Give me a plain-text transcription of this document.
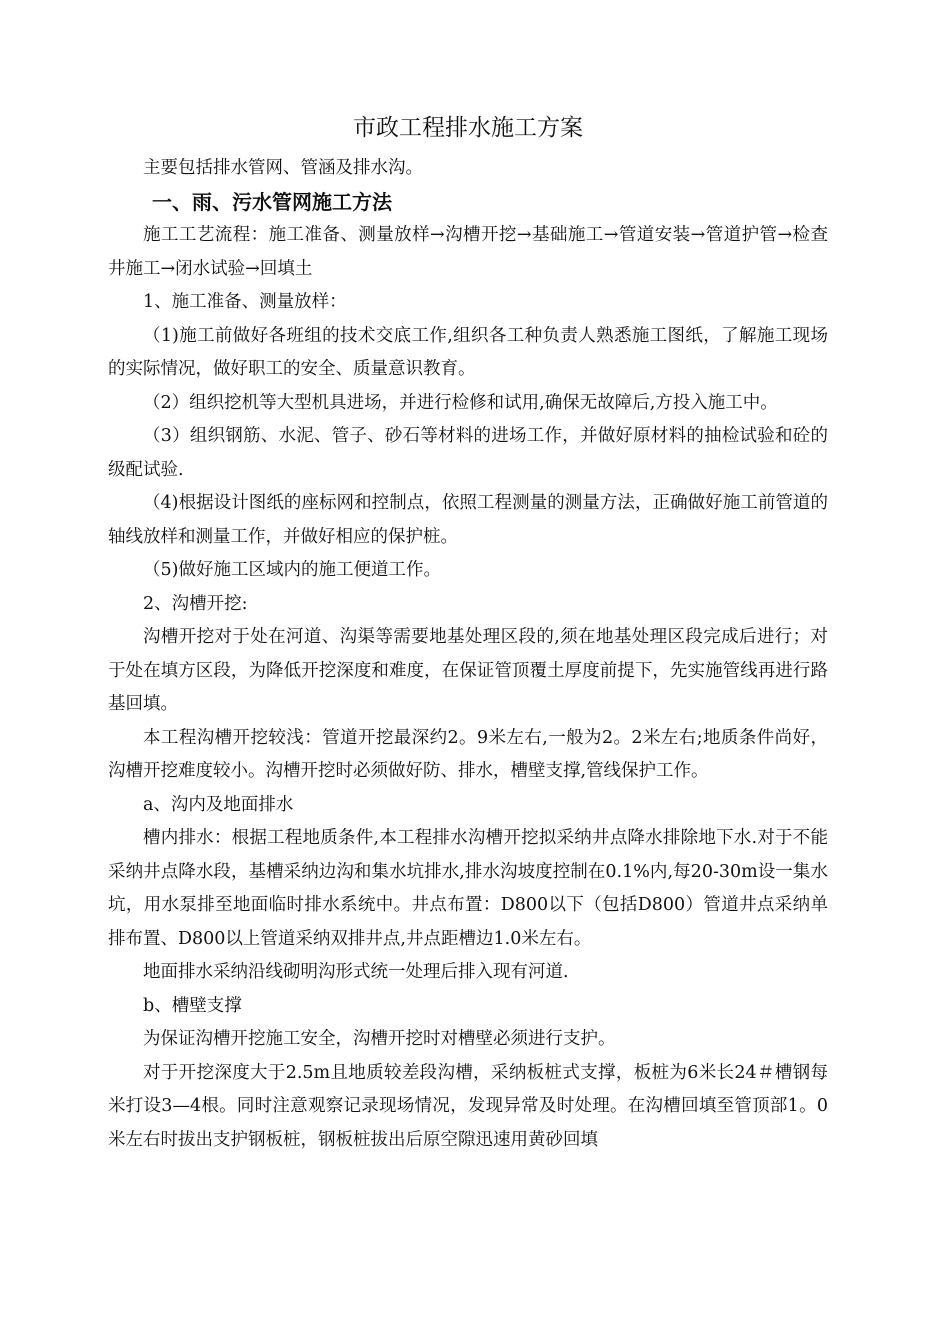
市政工程排水施工方案

主要包括排水管网、管涵及排水沟。

一、雨、污水管网施工方法

施工工艺流程：施工准备、测量放样→沟槽开挖→基础施工→管道安装→管道护管→检查井施工→闭水试验→回填土

1、施工准备、测量放样：

（1)施工前做好各班组的技术交底工作,组织各工种负责人熟悉施工图纸，了解施工现场的实际情况，做好职工的安全、质量意识教育。

（2）组织挖机等大型机具进场，并进行检修和试用,确保无故障后,方投入施工中。

（3）组织钢筋、水泥、管子、砂石等材料的进场工作，并做好原材料的抽检试验和砼的级配试验.

（4)根据设计图纸的座标网和控制点，依照工程测量的测量方法，正确做好施工前管道的轴线放样和测量工作，并做好相应的保护桩。

（5)做好施工区域内的施工便道工作。

2、沟槽开挖:

沟槽开挖对于处在河道、沟渠等需要地基处理区段的,须在地基处理区段完成后进行；对于处在填方区段，为降低开挖深度和难度，在保证管顶覆土厚度前提下，先实施管线再进行路基回填。

本工程沟槽开挖较浅：管道开挖最深约2。9米左右,一般为2。2米左右;地质条件尚好，沟槽开挖难度较小。沟槽开挖时必须做好防、排水，槽壁支撑,管线保护工作。

a、沟内及地面排水

槽内排水：根据工程地质条件,本工程排水沟槽开挖拟采纳井点降水排除地下水.对于不能采纳井点降水段，基槽采纳边沟和集水坑排水,排水沟坡度控制在0.1%内,每20-30m设一集水坑，用水泵排至地面临时排水系统中。井点布置：D800以下（包括D800）管道井点采纳单排布置、D800以上管道采纳双排井点,井点距槽边1.0米左右。

地面排水采纳沿线砌明沟形式统一处理后排入现有河道.

b、槽壁支撑

为保证沟槽开挖施工安全，沟槽开挖时对槽壁必须进行支护。

对于开挖深度大于2.5m且地质较差段沟槽，采纳板桩式支撑，板桩为6米长24＃槽钢每米打设3—4根。同时注意观察记录现场情况，发现异常及时处理。在沟槽回填至管顶部1。0米左右时拔出支护钢板桩，钢板桩拔出后原空隙迅速用黄砂回填
